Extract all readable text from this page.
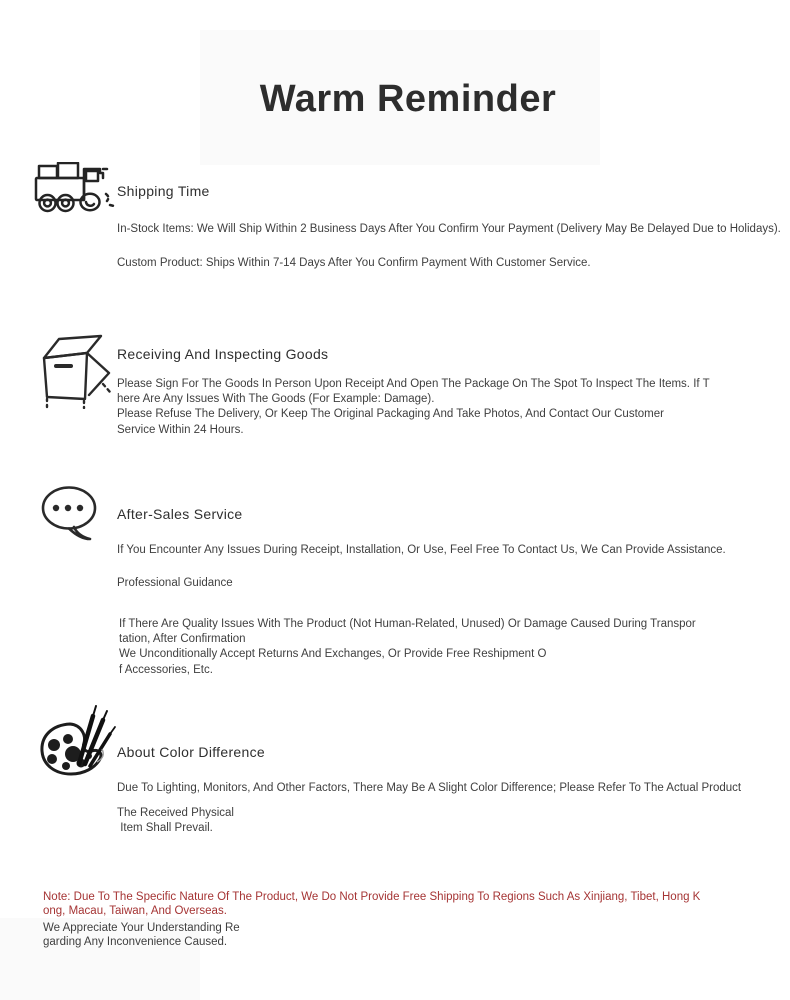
Warm Reminder
Shipping Time
In-Stock Items: We Will Ship Within 2 Business Days After You Confirm Your Payment (Delivery May Be Delayed Due to Holidays).
Custom Product: Ships Within 7-14 Days After You Confirm Payment With Customer Service.
Receiving And Inspecting Goods
Please Sign For The Goods In Person Upon Receipt And Open The Package On The Spot To Inspect The Items. If T
here Are Any Issues With The Goods (For Example: Damage).
Please Refuse The Delivery, Or Keep The Original Packaging And Take Photos, And Contact Our Customer
Service Within 24 Hours.
After-Sales Service
If You Encounter Any Issues During Receipt, Installation, Or Use, Feel Free To Contact Us, We Can Provide Assistance.
Professional Guidance
If There Are Quality Issues With The Product (Not Human-Related, Unused) Or Damage Caused During Transpor
tation, After Confirmation
We Unconditionally Accept Returns And Exchanges, Or Provide Free Reshipment O
f Accessories, Etc.
About Color Difference
Due To Lighting, Monitors, And Other Factors, There May Be A Slight Color Difference; Please Refer To The Actual Product
The Received Physical
Item Shall Prevail.
Note: Due To The Specific Nature Of The Product, We Do Not Provide Free Shipping To Regions Such As Xinjiang, Tibet, Hong K
ong, Macau, Taiwan, And Overseas.
We Appreciate Your Understanding Re
garding Any Inconvenience Caused.
